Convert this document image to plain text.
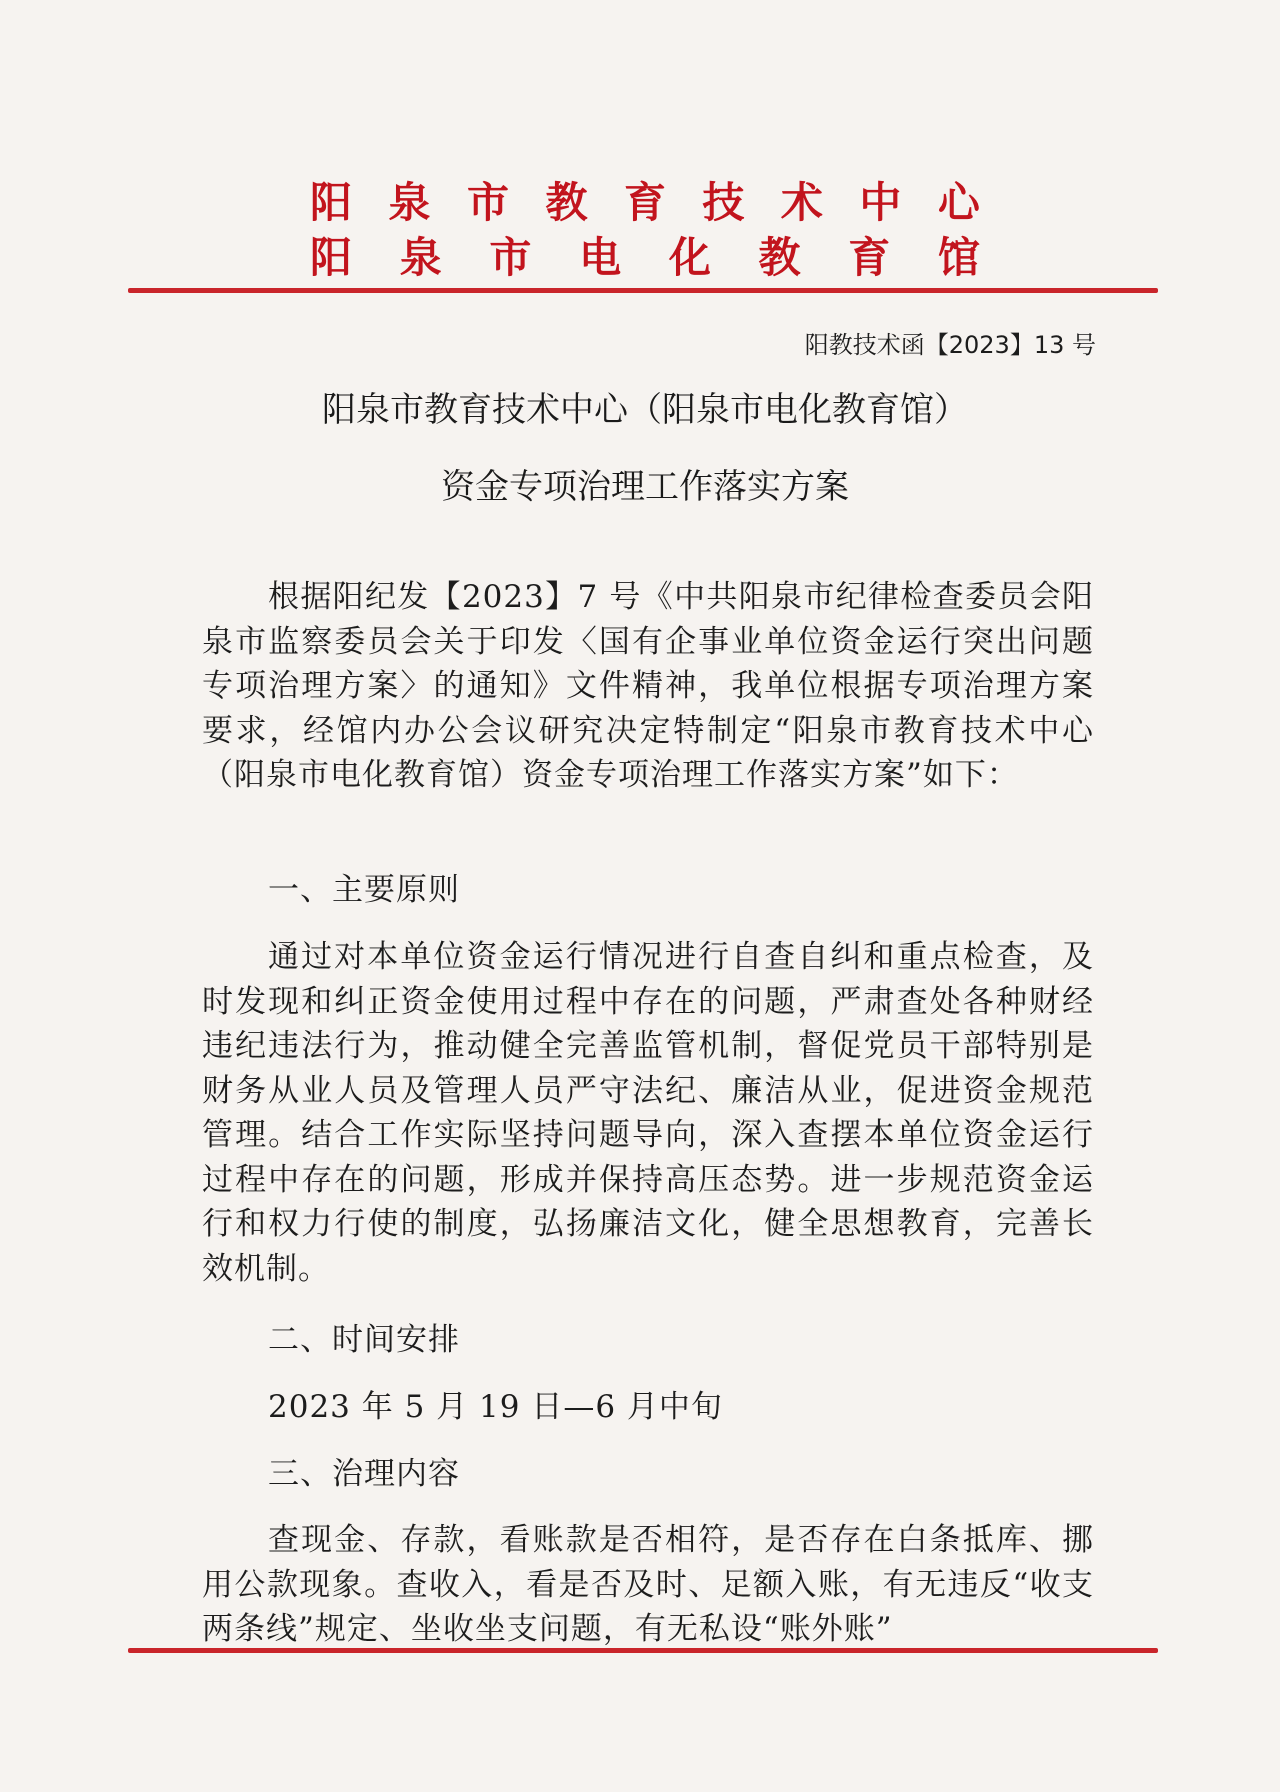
阳 泉 市 教 育 技 术 中 心
阳 泉 市 电 化 教 育 馆
阳教技术函【2023】13 号
阳泉市教育技术中心（阳泉市电化教育馆）
资金专项治理工作落实方案
根据阳纪发【2023】7 号《中共阳泉市纪律检查委员会阳泉市监察委员会关于印发〈国有企事业单位资金运行突出问题专项治理方案〉的通知》文件精神，我单位根据专项治理方案要求，经馆内办公会议研究决定特制定“阳泉市教育技术中心（阳泉市电化教育馆）资金专项治理工作落实方案”如下：
一、主要原则
通过对本单位资金运行情况进行自查自纠和重点检查，及时发现和纠正资金使用过程中存在的问题，严肃查处各种财经违纪违法行为，推动健全完善监管机制，督促党员干部特别是财务从业人员及管理人员严守法纪、廉洁从业，促进资金规范管理。结合工作实际坚持问题导向，深入查摆本单位资金运行过程中存在的问题，形成并保持高压态势。进一步规范资金运行和权力行使的制度，弘扬廉洁文化，健全思想教育，完善长效机制。
二、时间安排
2023 年 5 月 19 日—6 月中旬
三、治理内容
查现金、存款，看账款是否相符，是否存在白条抵库、挪用公款现象。查收入，看是否及时、足额入账，有无违反“收支两条线”规定、坐收坐支问题，有无私设“账外账”
